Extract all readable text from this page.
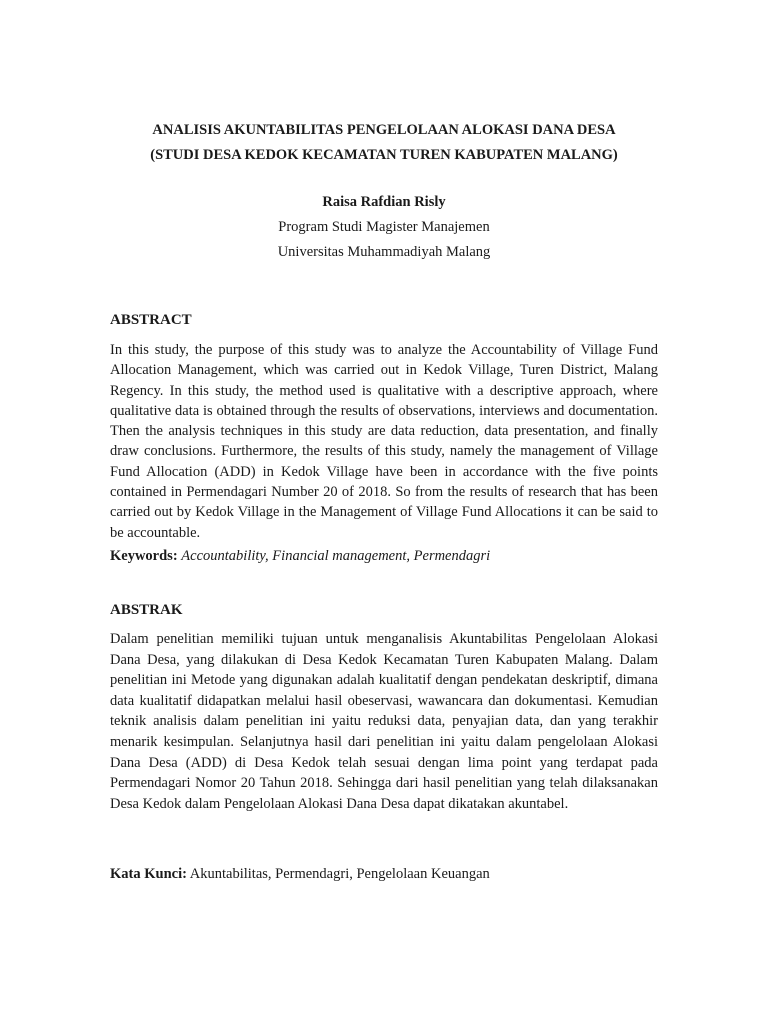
ANALISIS AKUNTABILITAS PENGELOLAAN ALOKASI DANA DESA
(STUDI DESA KEDOK KECAMATAN TUREN KABUPATEN MALANG)
Raisa Rafdian Risly
Program Studi Magister Manajemen
Universitas Muhammadiyah Malang
ABSTRACT

In this study, the purpose of this study was to analyze the Accountability of Village Fund Allocation Management, which was carried out in Kedok Village, Turen District, Malang Regency. In this study, the method used is qualitative with a descriptive approach, where qualitative data is obtained through the results of observations, interviews and documentation. Then the analysis techniques in this study are data reduction, data presentation, and finally draw conclusions. Furthermore, the results of this study, namely the management of Village Fund Allocation (ADD) in Kedok Village have been in accordance with the five points contained in Permendagari Number 20 of 2018. So from the results of research that has been carried out by Kedok Village in the Management of Village Fund Allocations it can be said to be accountable.

Keywords: Accountability, Financial management, Permendagri

ABSTRAK

Dalam penelitian memiliki tujuan untuk menganalisis Akuntabilitas Pengelolaan Alokasi Dana Desa, yang dilakukan di Desa Kedok Kecamatan Turen Kabupaten Malang. Dalam penelitian ini Metode yang digunakan adalah kualitatif dengan pendekatan deskriptif, dimana data kualitatif didapatkan melalui hasil obeservasi, wawancara dan dokumentasi. Kemudian teknik analisis dalam penelitian ini yaitu reduksi data, penyajian data, dan yang terakhir menarik kesimpulan. Selanjutnya hasil dari penelitian ini yaitu dalam pengelolaan Alokasi Dana Desa (ADD) di Desa Kedok telah sesuai dengan lima point yang terdapat pada Permendagari Nomor 20 Tahun 2018. Sehingga dari hasil penelitian yang telah dilaksanakan Desa Kedok dalam Pengelolaan Alokasi Dana Desa dapat dikatakan akuntabel.

Kata Kunci: Akuntabilitas, Permendagri, Pengelolaan Keuangan
